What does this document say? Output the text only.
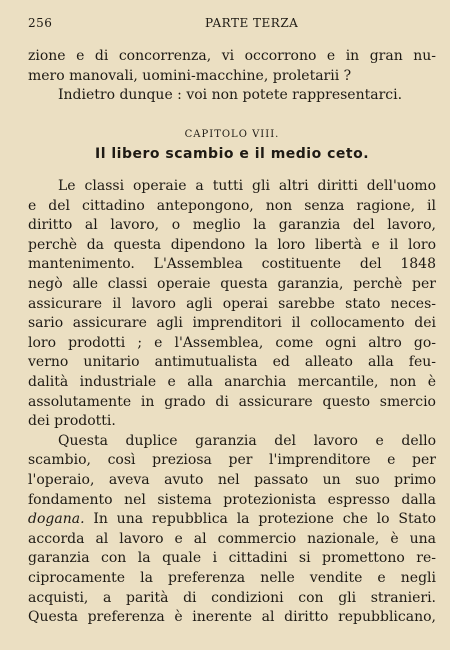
256	PARTE TERZA
zione e di concorrenza, vi occorrono e in gran nu-
mero manovali, uomini-macchine, proletarii ?
Indietro dunque : voi non potete rappresentarci.
CAPITOLO VIII.
Il libero scambio e il medio ceto.
Le classi operaie a tutti gli altri diritti dell'uomo
e del cittadino antepongono, non senza ragione, il
diritto al lavoro, o meglio la garanzia del lavoro,
perchè da questa dipendono la loro libertà e il loro
mantenimento. L'Assemblea costituente del 1848
negò alle classi operaie questa garanzia, perchè per
assicurare il lavoro agli operai sarebbe stato neces-
sario assicurare agli imprenditori il collocamento dei
loro prodotti ; e l'Assemblea, come ogni altro go-
verno unitario antimutualista ed alleato alla feu-
dalità industriale e alla anarchia mercantile, non è
assolutamente in grado di assicurare questo smercio
dei prodotti.
Questa duplice garanzia del lavoro e dello
scambio, così preziosa per l'imprenditore e per
l'operaio, aveva avuto nel passato un suo primo
fondamento nel sistema protezionista espresso dalla
dogana. In una repubblica la protezione che lo Stato
accorda al lavoro e al commercio nazionale, è una
garanzia con la quale i cittadini si promettono re-
ciprocamente la preferenza nelle vendite e negli
acquisti, a parità di condizioni con gli stranieri.
Questa preferenza è inerente al diritto repubblicano,
